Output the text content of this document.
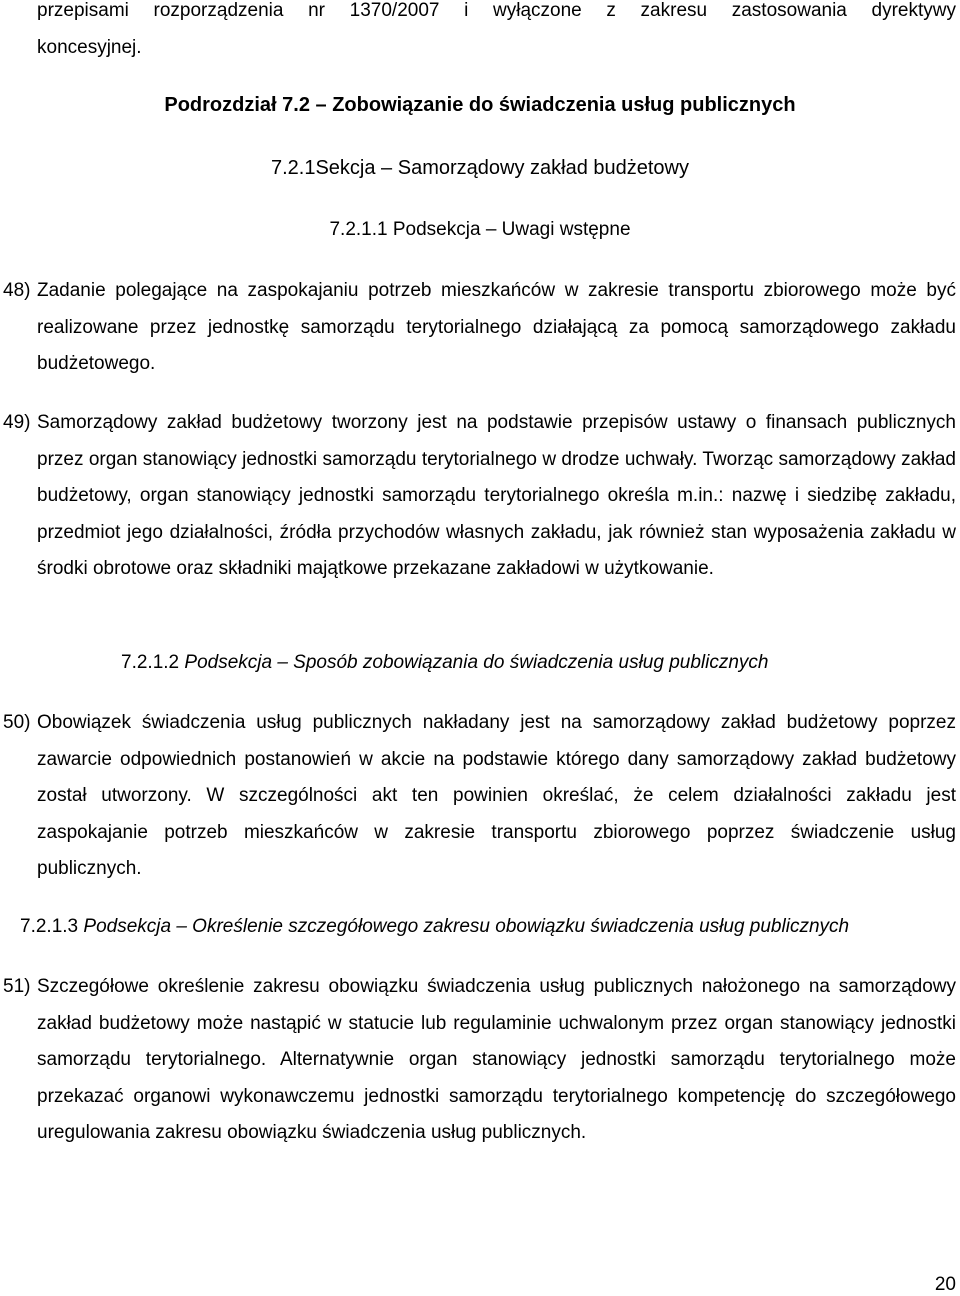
przepisami rozporządzenia nr 1370/2007 i wyłączone z zakresu zastosowania dyrektywy
koncesyjnej.

Podrozdział 7.2 – Zobowiązanie do świadczenia usług publicznych
7.2.1Sekcja – Samorządowy zakład budżetowy
7.2.1.1 Podsekcja – Uwagi wstępne
48) Zadanie polegające na zaspokajaniu potrzeb mieszkańców w zakresie transportu zbiorowego może być realizowane przez jednostkę samorządu terytorialnego działającą za pomocą samorządowego zakładu budżetowego.
49) Samorządowy zakład budżetowy tworzony jest na podstawie przepisów ustawy o finansach publicznych przez organ stanowiący jednostki samorządu terytorialnego w drodze uchwały. Tworząc samorządowy zakład budżetowy, organ stanowiący jednostki samorządu terytorialnego określa m.in.: nazwę i siedzibę zakładu, przedmiot jego działalności, źródła przychodów własnych zakładu, jak również stan wyposażenia zakładu w środki obrotowe oraz składniki majątkowe przekazane zakładowi w użytkowanie.
7.2.1.2 Podsekcja – Sposób zobowiązania do świadczenia usług publicznych
50) Obowiązek świadczenia usług publicznych nakładany jest na samorządowy zakład budżetowy poprzez zawarcie odpowiednich postanowień w akcie na podstawie którego dany samorządowy zakład budżetowy został utworzony. W szczególności akt ten powinien określać, że celem działalności zakładu jest zaspokajanie potrzeb mieszkańców w zakresie transportu zbiorowego poprzez świadczenie usług publicznych.
7.2.1.3 Podsekcja – Określenie szczegółowego zakresu obowiązku świadczenia usług publicznych
51) Szczegółowe określenie zakresu obowiązku świadczenia usług publicznych nałożonego na samorządowy zakład budżetowy może nastąpić w statucie lub regulaminie uchwalonym przez organ stanowiący jednostki samorządu terytorialnego. Alternatywnie organ stanowiący jednostki samorządu terytorialnego może przekazać organowi wykonawczemu jednostki samorządu terytorialnego kompetencję do szczegółowego uregulowania zakresu obowiązku świadczenia usług publicznych.
20
